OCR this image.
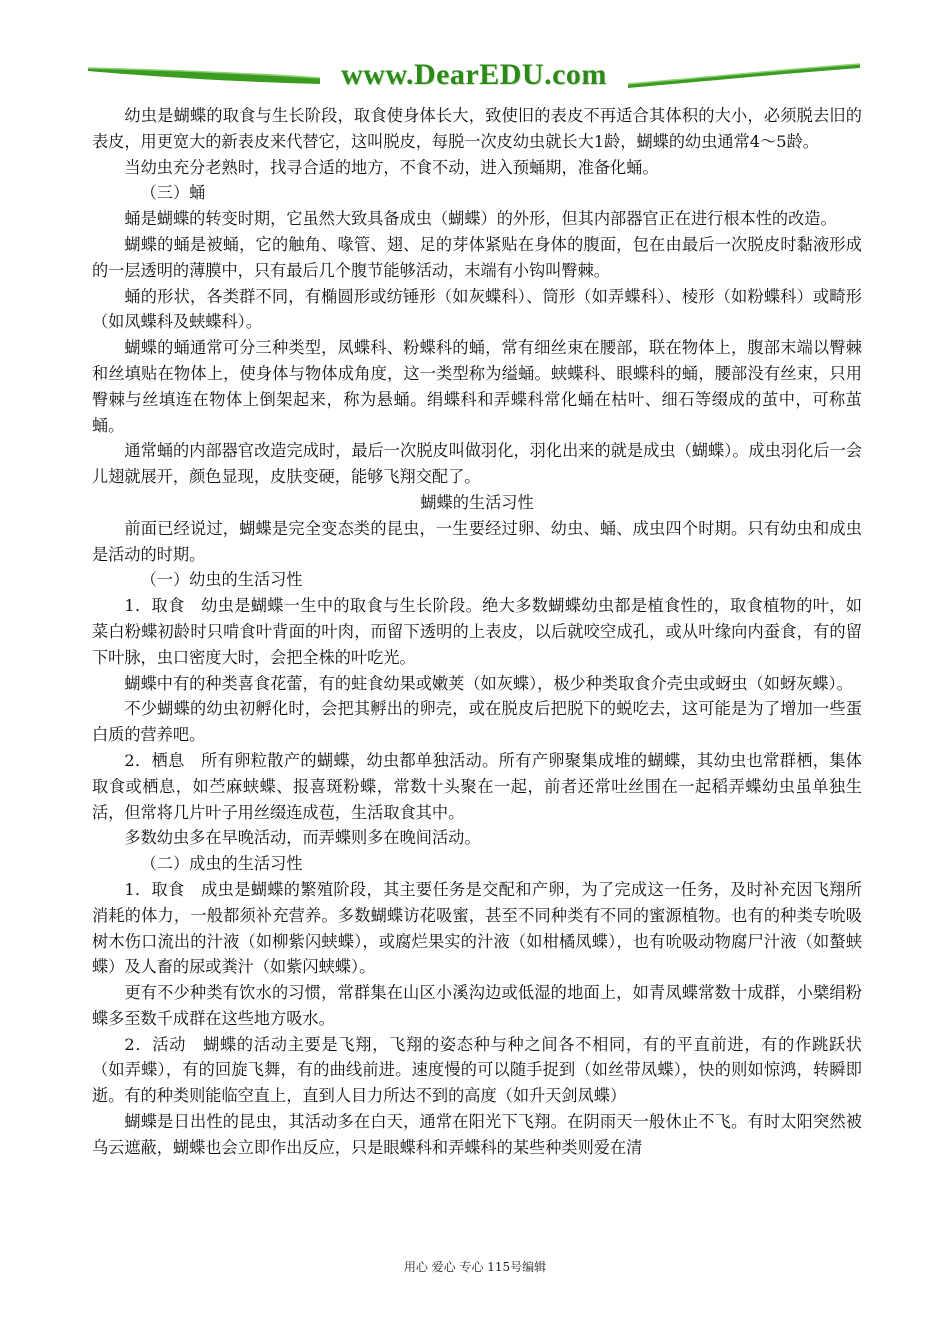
www.DearEDU.com

幼虫是蝴蝶的取食与生长阶段，取食使身体长大，致使旧的表皮不再适合其体积的大小，必须脱去旧的表皮，用更宽大的新表皮来代替它，这叫脱皮，每脱一次皮幼虫就长大1龄，蝴蝶的幼虫通常4～5龄。

当幼虫充分老熟时，找寻合适的地方，不食不动，进入预蛹期，准备化蛹。

（三）蛹

蛹是蝴蝶的转变时期，它虽然大致具备成虫（蝴蝶）的外形，但其内部器官正在进行根本性的改造。

蝴蝶的蛹是被蛹，它的触角、喙管、翅、足的芽体紧贴在身体的腹面，包在由最后一次脱皮时黏液形成的一层透明的薄膜中，只有最后几个腹节能够活动，末端有小钩叫臀棘。

蛹的形状，各类群不同，有椭圆形或纺锤形（如灰蝶科）、筒形（如弄蝶科）、棱形（如粉蝶科）或畸形（如凤蝶科及蛱蝶科）。

蝴蝶的蛹通常可分三种类型，凤蝶科、粉蝶科的蛹，常有细丝束在腰部，联在物体上，腹部末端以臀棘和丝填贴在物体上，使身体与物体成角度，这一类型称为缢蛹。蛱蝶科、眼蝶科的蛹，腰部没有丝束，只用臀棘与丝填连在物体上倒架起来，称为悬蛹。绢蝶科和弄蝶科常化蛹在枯叶、细石等缀成的茧中，可称茧蛹。

通常蛹的内部器官改造完成时，最后一次脱皮叫做羽化，羽化出来的就是成虫（蝴蝶）。成虫羽化后一会儿翅就展开，颜色显现，皮肤变硬，能够飞翔交配了。

蝴蝶的生活习性

前面已经说过，蝴蝶是完全变态类的昆虫，一生要经过卵、幼虫、蛹、成虫四个时期。只有幼虫和成虫是活动的时期。

（一）幼虫的生活习性

1．取食　幼虫是蝴蝶一生中的取食与生长阶段。绝大多数蝴蝶幼虫都是植食性的，取食植物的叶，如菜白粉蝶初龄时只啃食叶背面的叶肉，而留下透明的上表皮，以后就咬空成孔，或从叶缘向内蚕食，有的留下叶脉，虫口密度大时，会把全株的叶吃光。

蝴蝶中有的种类喜食花蕾，有的蛀食幼果或嫩荚（如灰蝶），极少种类取食介壳虫或蚜虫（如蚜灰蝶）。

不少蝴蝶的幼虫初孵化时，会把其孵出的卵壳，或在脱皮后把脱下的蜕吃去，这可能是为了增加一些蛋白质的营养吧。

2．栖息　所有卵粒散产的蝴蝶，幼虫都单独活动。所有产卵聚集成堆的蝴蝶，其幼虫也常群栖，集体取食或栖息，如苎麻蛱蝶、报喜斑粉蝶，常数十头聚在一起，前者还常吐丝围在一起稻弄蝶幼虫虽单独生活，但常将几片叶子用丝缀连成苞，生活取食其中。

多数幼虫多在早晚活动，而弄蝶则多在晚间活动。

（二）成虫的生活习性

1．取食　成虫是蝴蝶的繁殖阶段，其主要任务是交配和产卵，为了完成这一任务，及时补充因飞翔所消耗的体力，一般都须补充营养。多数蝴蝶访花吸蜜，甚至不同种类有不同的蜜源植物。也有的种类专吮吸树木伤口流出的汁液（如柳紫闪蛱蝶），或腐烂果实的汁液（如柑橘凤蝶），也有吮吸动物腐尸汁液（如螯蛱蝶）及人畜的尿或粪汁（如紫闪蛱蝶）。

更有不少种类有饮水的习惯，常群集在山区小溪沟边或低湿的地面上，如青凤蝶常数十成群，小檗绢粉蝶多至数千成群在这些地方吸水。

2．活动　蝴蝶的活动主要是飞翔，飞翔的姿态种与种之间各不相同，有的平直前进，有的作跳跃状（如弄蝶），有的回旋飞舞，有的曲线前进。速度慢的可以随手捉到（如丝带凤蝶），快的则如惊鸿，转瞬即逝。有的种类则能临空直上，直到人目力所达不到的高度（如升天剑凤蝶）

蝴蝶是日出性的昆虫，其活动多在白天，通常在阳光下飞翔。在阴雨天一般休止不飞。有时太阳突然被乌云遮蔽，蝴蝶也会立即作出反应，只是眼蝶科和弄蝶科的某些种类则爱在清

用心 爱心 专心 115号编辑
